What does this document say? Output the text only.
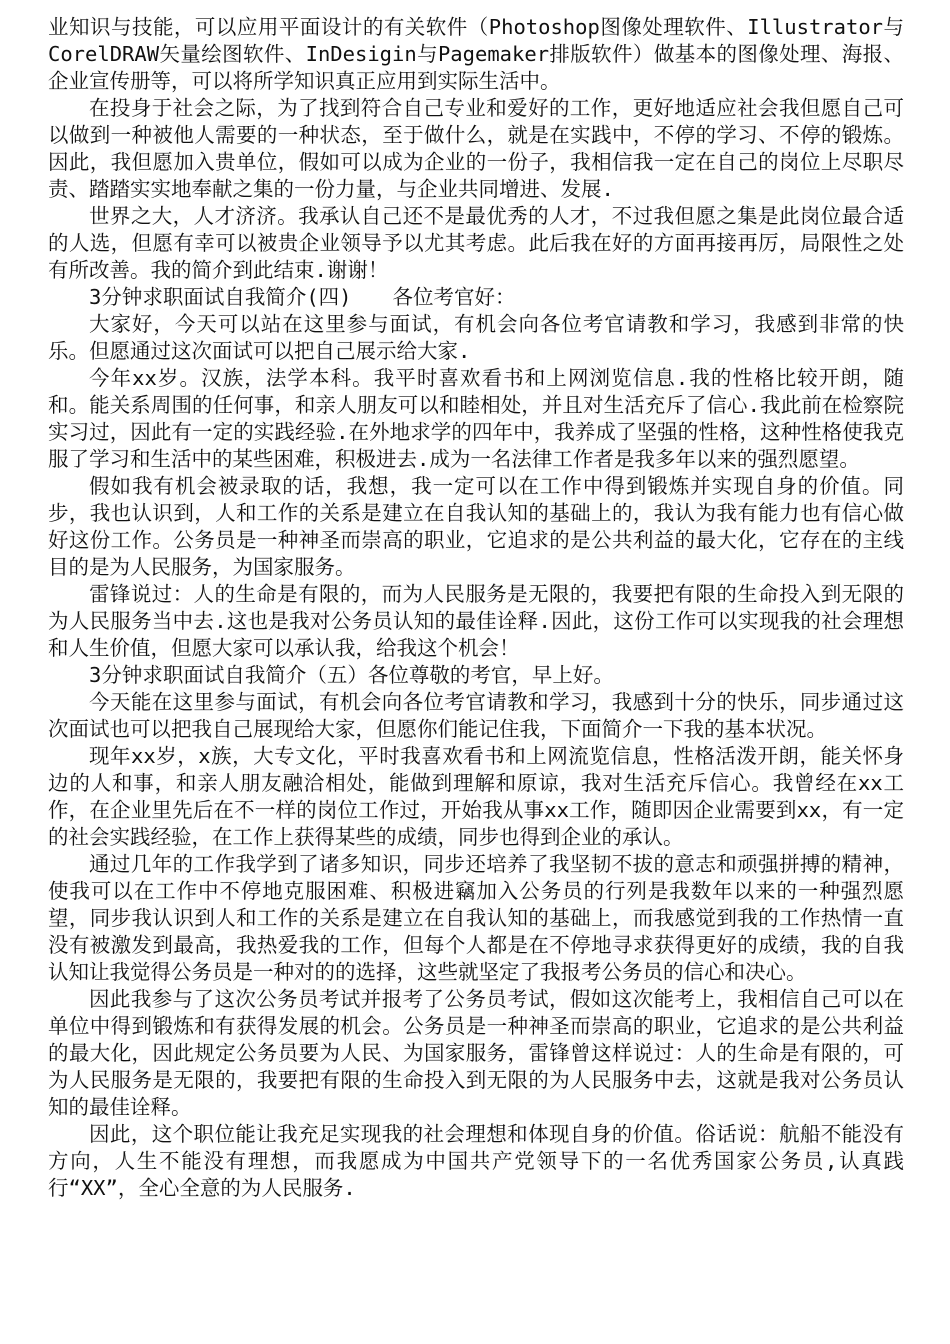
业知识与技能，可以应用平面设计的有关软件（Photoshop图像处理软件、Illustrator与CorelDRAW矢量绘图软件、InDesigin与Pagemaker排版软件）做基本的图像处理、海报、企业宣传册等，可以将所学知识真正应用到实际生活中。

在投身于社会之际，为了找到符合自己专业和爱好的工作，更好地适应社会我但愿自己可以做到一种被他人需要的一种状态，至于做什么，就是在实践中，不停的学习、不停的锻炼。因此，我但愿加入贵单位，假如可以成为企业的一份子，我相信我一定在自己的岗位上尽职尽责、踏踏实实地奉献之集的一份力量，与企业共同增进、发展.

世界之大，人才济济。我承认自己还不是最优秀的人才，不过我但愿之集是此岗位最合适的人选，但愿有幸可以被贵企业领导予以尤其考虑。此后我在好的方面再接再厉，局限性之处有所改善。我的简介到此结束.谢谢！

3分钟求职面试自我简介(四)　　各位考官好：

大家好，今天可以站在这里参与面试，有机会向各位考官请教和学习，我感到非常的快乐。但愿通过这次面试可以把自己展示给大家.

今年xx岁。汉族，法学本科。我平时喜欢看书和上网浏览信息.我的性格比较开朗，随和。能关系周围的任何事，和亲人朋友可以和睦相处，并且对生活充斥了信心.我此前在检察院实习过，因此有一定的实践经验.在外地求学的四年中，我养成了坚强的性格，这种性格使我克服了学习和生活中的某些困难，积极进去.成为一名法律工作者是我多年以来的强烈愿望。

假如我有机会被录取的话，我想，我一定可以在工作中得到锻炼并实现自身的价值。同步，我也认识到，人和工作的关系是建立在自我认知的基础上的，我认为我有能力也有信心做好这份工作。公务员是一种神圣而崇高的职业，它追求的是公共利益的最大化，它存在的主线目的是为人民服务，为国家服务。

雷锋说过：人的生命是有限的，而为人民服务是无限的，我要把有限的生命投入到无限的为人民服务当中去.这也是我对公务员认知的最佳诠释.因此，这份工作可以实现我的社会理想和人生价值，但愿大家可以承认我，给我这个机会！

3分钟求职面试自我简介（五）各位尊敬的考官，早上好。

今天能在这里参与面试，有机会向各位考官请教和学习，我感到十分的快乐，同步通过这次面试也可以把我自己展现给大家，但愿你们能记住我，下面简介一下我的基本状况。

现年xx岁，x族，大专文化，平时我喜欢看书和上网流览信息，性格活泼开朗，能关怀身边的人和事，和亲人朋友融洽相处，能做到理解和原谅，我对生活充斥信心。我曾经在xx工作，在企业里先后在不一样的岗位工作过，开始我从事xx工作，随即因企业需要到xx，有一定的社会实践经验，在工作上获得某些的成绩，同步也得到企业的承认。

通过几年的工作我学到了诸多知识，同步还培养了我坚韧不拔的意志和顽强拼搏的精神，使我可以在工作中不停地克服困难、积极进竊加入公务员的行列是我数年以来的一种强烈愿望，同步我认识到人和工作的关系是建立在自我认知的基础上，而我感觉到我的工作热情一直没有被激发到最高，我热爱我的工作，但每个人都是在不停地寻求获得更好的成绩，我的自我认知让我觉得公务员是一种对的的选择，这些就坚定了我报考公务员的信心和决心。

因此我参与了这次公务员考试并报考了公务员考试，假如这次能考上，我相信自己可以在单位中得到锻炼和有获得发展的机会。公务员是一种神圣而崇高的职业，它追求的是公共利益的最大化，因此规定公务员要为人民、为国家服务，雷锋曾这样说过：人的生命是有限的，可为人民服务是无限的，我要把有限的生命投入到无限的为人民服务中去，这就是我对公务员认知的最佳诠释。

因此，这个职位能让我充足实现我的社会理想和体现自身的价值。俗话说：航船不能没有方向，人生不能没有理想，而我愿成为中国共产党领导下的一名优秀国家公务员,认真践行“XX”，全心全意的为人民服务.
